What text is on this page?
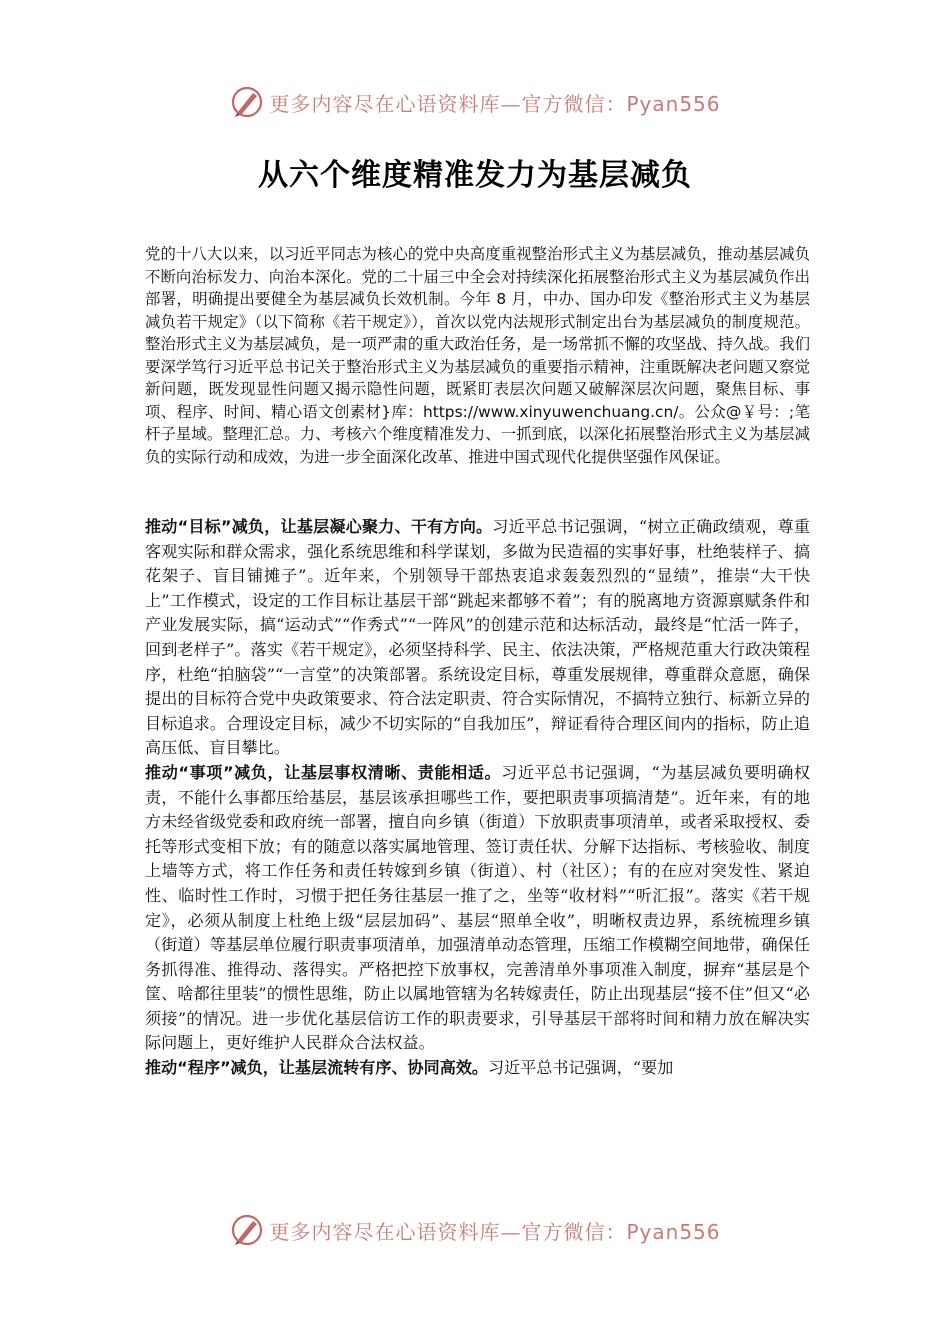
更多内容尽在心语资料库—官方微信：Pyan556
从六个维度精准发力为基层减负

党的十八大以来，以习近平同志为核心的党中央高度重视整治形式主义为基层减负，推动基层减负不断向治标发力、向治本深化。党的二十届三中全会对持续深化拓展整治形式主义为基层减负作出部署，明确提出要健全为基层减负长效机制。今年 8 月，中办、国办印发《整治形式主义为基层减负若干规定》（以下简称《若干规定》），首次以党内法规形式制定出台为基层减负的制度规范。整治形式主义为基层减负，是一项严肃的重大政治任务，是一场常抓不懈的攻坚战、持久战。我们要深学笃行习近平总书记关于整治形式主义为基层减负的重要指示精神，注重既解决老问题又察觉新问题，既发现显性问题又揭示隐性问题，既紧盯表层次问题又破解深层次问题，聚焦目标、事项、程序、时间、精心语文创素材}库：https://www.xinyuwenchuang.cn/。公众@￥号：;笔杆子星域。整理汇总。力、考核六个维度精准发力、一抓到底，以深化拓展整治形式主义为基层减负的实际行动和成效，为进一步全面深化改革、推进中国式现代化提供坚强作风保证。

推动“目标”减负，让基层凝心聚力、干有方向。习近平总书记强调，“树立正确政绩观，尊重客观实际和群众需求，强化系统思维和科学谋划，多做为民造福的实事好事，杜绝装样子、搞花架子、盲目铺摊子”。近年来，个别领导干部热衷追求轰轰烈烈的“显绩”，推崇“大干快上”工作模式，设定的工作目标让基层干部“跳起来都够不着”；有的脱离地方资源禀赋条件和产业发展实际，搞“运动式”“作秀式”“一阵风”的创建示范和达标活动，最终是“忙活一阵子，回到老样子”。落实《若干规定》，必须坚持科学、民主、依法决策，严格规范重大行政决策程序，杜绝“拍脑袋”“一言堂”的决策部署。系统设定目标，尊重发展规律，尊重群众意愿，确保提出的目标符合党中央政策要求、符合法定职责、符合实际情况，不搞特立独行、标新立异的目标追求。合理设定目标，减少不切实际的“自我加压”，辩证看待合理区间内的指标，防止追高压低、盲目攀比。

推动“事项”减负，让基层事权清晰、责能相适。习近平总书记强调，“为基层减负要明确权责，不能什么事都压给基层，基层该承担哪些工作，要把职责事项搞清楚”。近年来，有的地方未经省级党委和政府统一部署，擅自向乡镇（街道）下放职责事项清单，或者采取授权、委托等形式变相下放；有的随意以落实属地管理、签订责任状、分解下达指标、考核验收、制度上墙等方式，将工作任务和责任转嫁到乡镇（街道）、村（社区）；有的在应对突发性、紧迫性、临时性工作时，习惯于把任务往基层一推了之，坐等“收材料”“听汇报”。落实《若干规定》，必须从制度上杜绝上级“层层加码”、基层“照单全收”，明晰权责边界，系统梳理乡镇（街道）等基层单位履行职责事项清单，加强清单动态管理，压缩工作模糊空间地带，确保任务抓得准、推得动、落得实。严格把控下放事权，完善清单外事项准入制度，摒弃“基层是个筐、啥都往里装”的惯性思维，防止以属地管辖为名转嫁责任，防止出现基层“接不住”但又“必须接”的情况。进一步优化基层信访工作的职责要求，引导基层干部将时间和精力放在解决实际问题上，更好维护人民群众合法权益。

推动“程序”减负，让基层流转有序、协同高效。习近平总书记强调，“要加

更多内容尽在心语资料库—官方微信：Pyan556
